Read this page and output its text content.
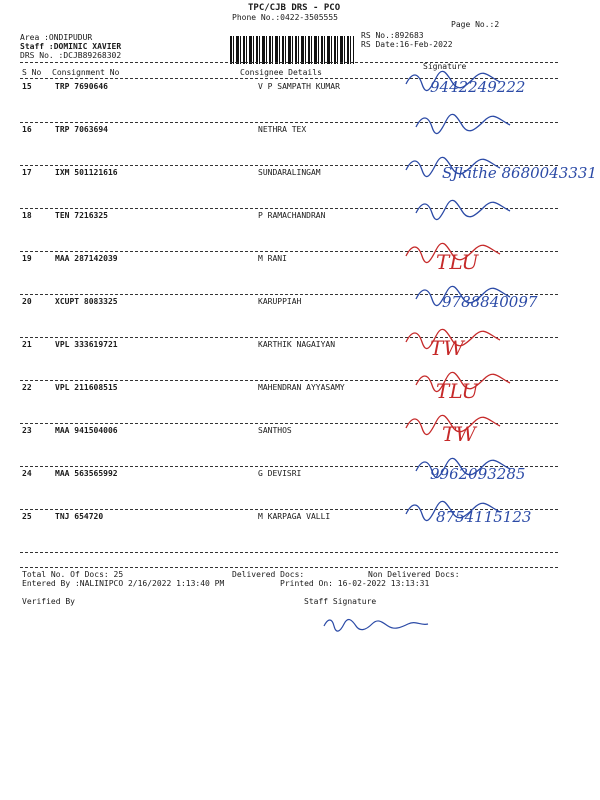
TPC/CJB DRS - PCO
Phone No.:0422-3505555
Page No.:2
Area :ONDIPUDUR
Staff :DOMINIC XAVIER
DRS No. :DCJB89268302
RS No.:892683
RS Date:16-Feb-2022
S No Consignment No	Consignee Details
Signature
15	TRP 7690646	V P SAMPATH KUMAR	9442249222
16	TRP 7063694	NETHRA TEX
17	IXM 501121616	SUNDARALINGAM	SJkithe 8680043331
18	TEN 7216325	P RAMACHANDRAN
19	MAA 287142039	M RANI	TLU
20	XCUPT 8083325	KARUPPIAH	9788840097
21	VPL 333619721	KARTHIK NAGAIYAN	TW
22	VPL 211608515	MAHENDRAN AYYASAMY	TLU
23	MAA 941504006	SANTHOS	TW
24	MAA 563565992	G DEVISRI	9962093285
25	TNJ 654720	M KARPAGA VALLI	8754115123
Total No. Of Docs: 25	Delivered Docs:	Non Delivered Docs:
Entered By :NALINIPCO 2/16/2022 1:13:40 PM	Printed On: 16-02-2022 13:13:31
Verified By	Staff Signature
